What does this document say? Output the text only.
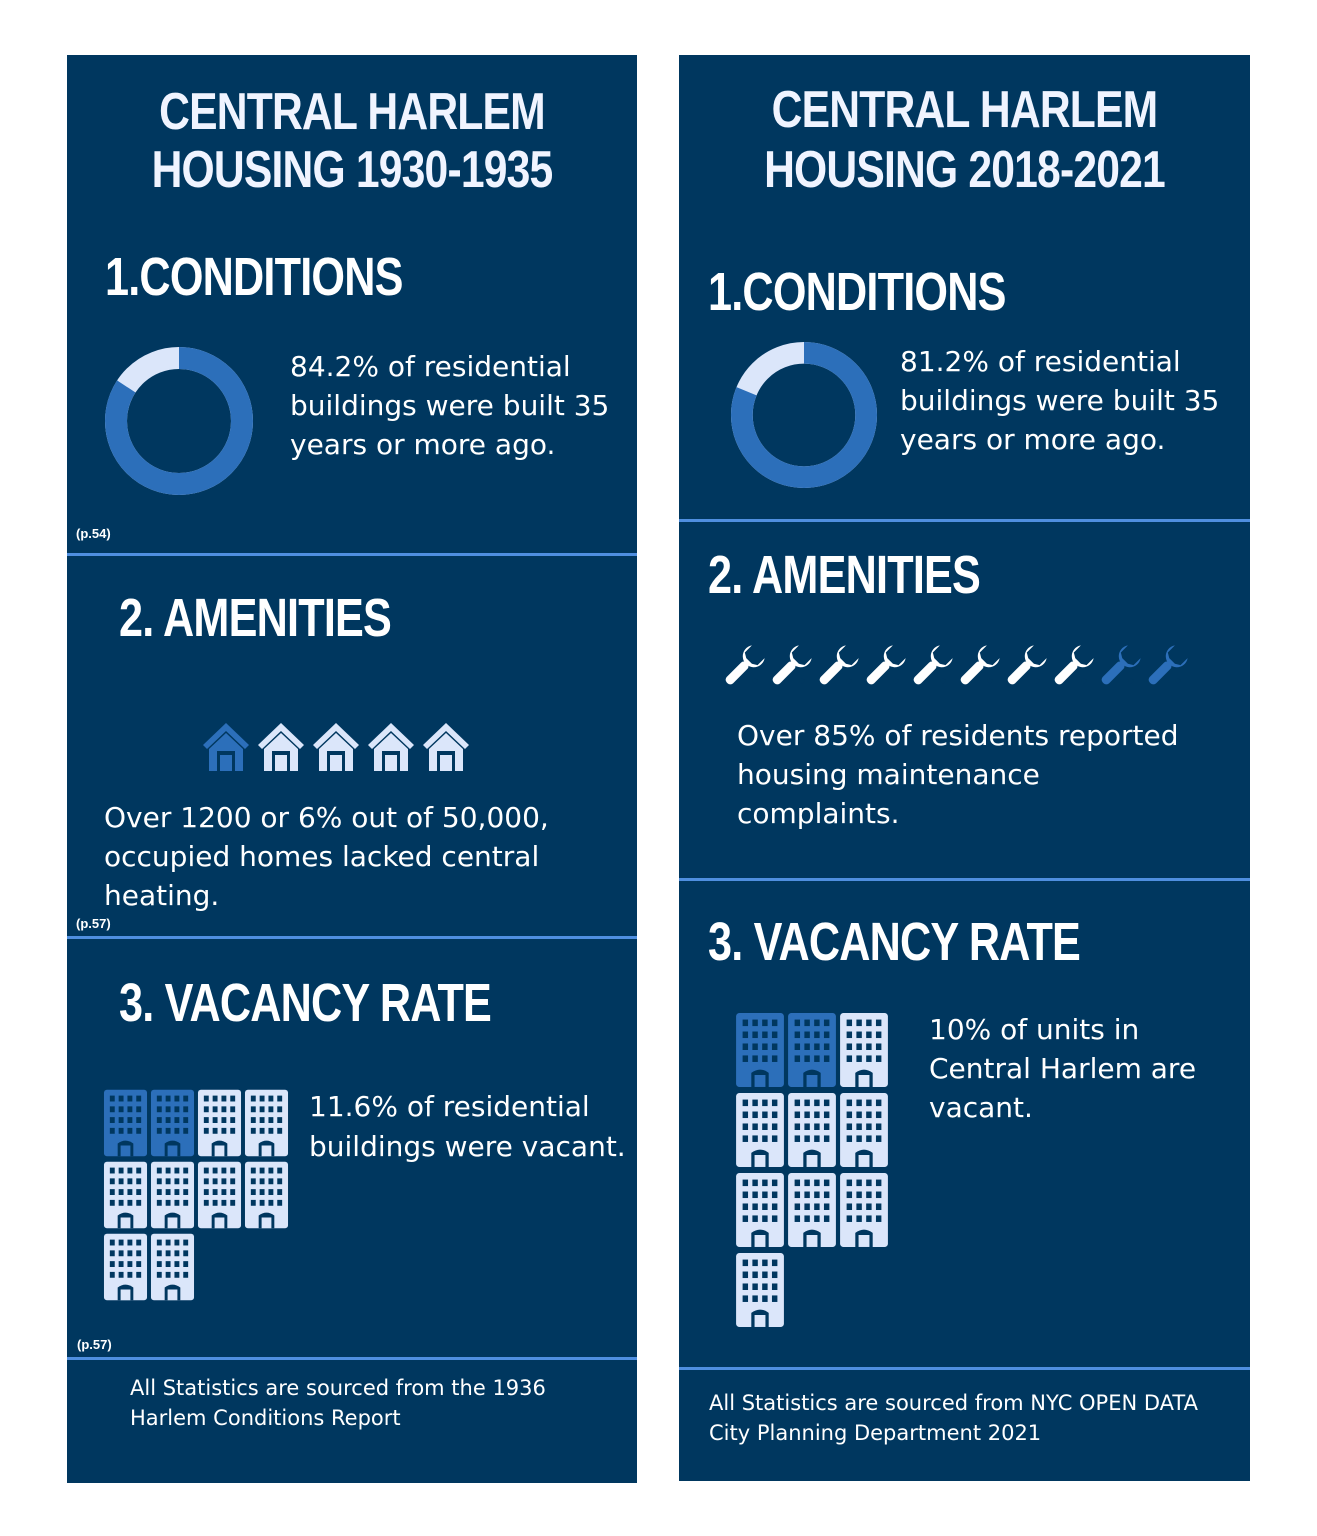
CENTRAL HARLEM
HOUSING 1930-1935
1.CONDITIONS
84.2% of residential buildings were built 35 years or more ago.
(p.54)
2. AMENITIES
Over 1200 or 6% out of 50,000, occupied homes lacked central heating.
(p.57)
3. VACANCY RATE
11.6% of residential buildings were vacant.
(p.57)
All Statistics are sourced from the 1936 Harlem Conditions Report
CENTRAL HARLEM
HOUSING 2018-2021
1.CONDITIONS
81.2% of residential buildings were built 35 years or more ago.
2. AMENITIES
Over 85% of residents reported housing maintenance complaints.
3. VACANCY RATE
10% of units in Central Harlem are vacant.
All Statistics are sourced from NYC OPEN DATA City Planning Department 2021
